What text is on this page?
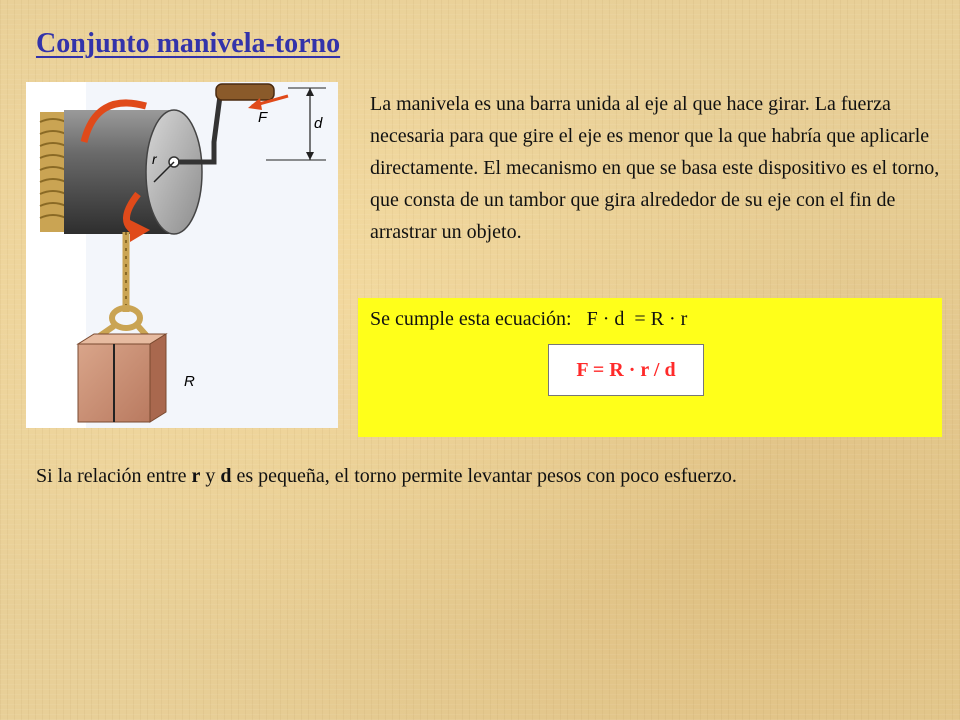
Conjunto manivela-torno
r
F	d
R
La manivela es una barra unida al eje al que hace girar. La fuerza necesaria para que gire el eje es menor que la que habría que aplicarle directamente. El mecanismo en que se basa este dispositivo es el torno, que consta de un tambor que gira alrededor de su eje con el fin de arrastrar un objeto.
Se cumple esta ecuación:   F · d  = R · r
F = R · r / d
Si la relación entre r y d es pequeña, el torno permite levantar pesos con poco esfuerzo.
